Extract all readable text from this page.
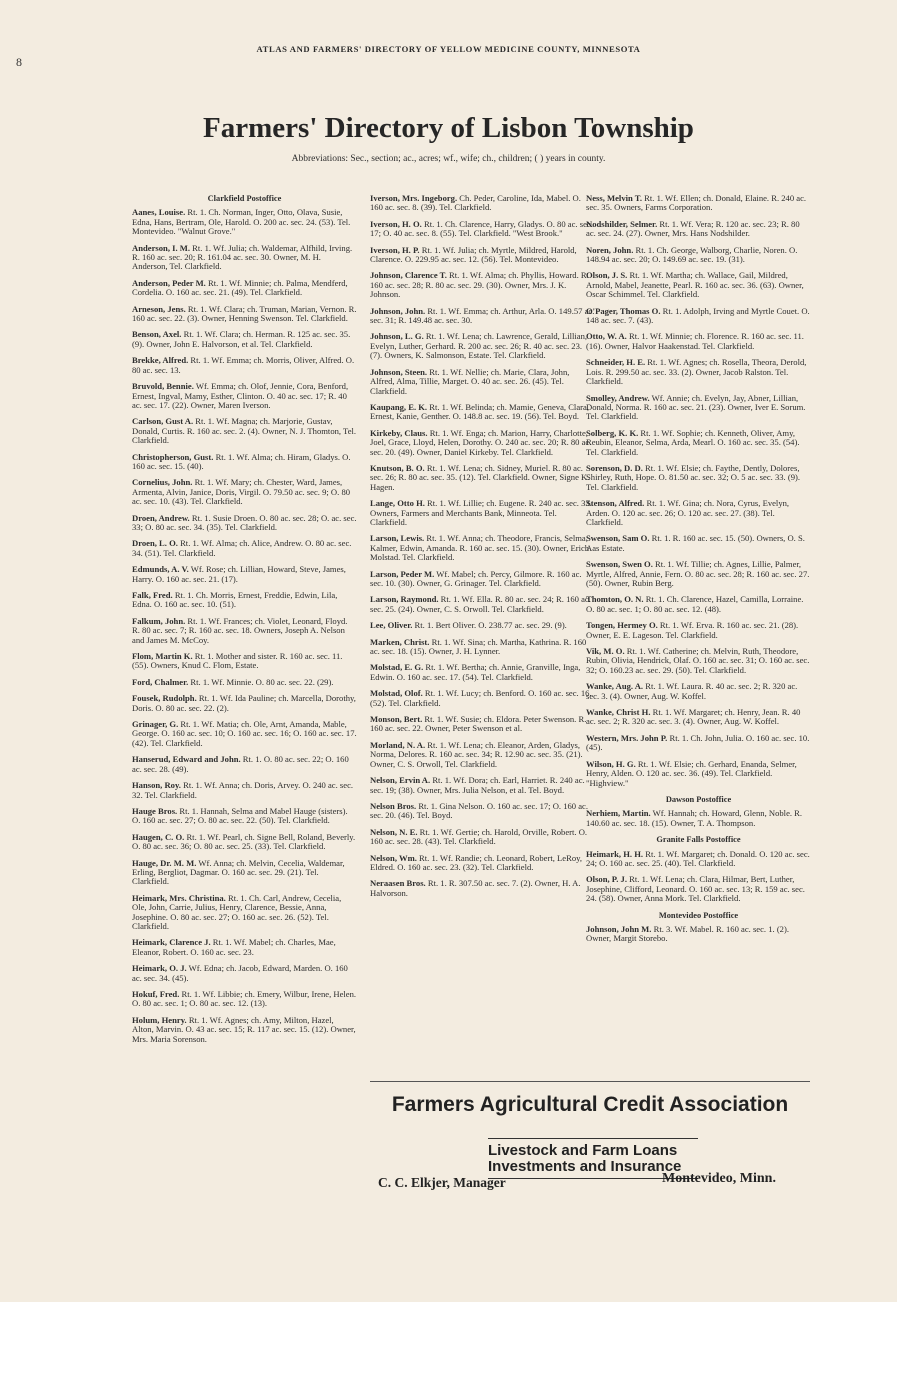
8
ATLAS AND FARMERS' DIRECTORY OF YELLOW MEDICINE COUNTY, MINNESOTA
Farmers' Directory of Lisbon Township
Abbreviations: Sec., section; ac., acres; wf., wife; ch., children; ( ) years in county.
Clarkfield Postoffice
Aanes, Louise. Rt. 1. Ch. Norman, Inger, Otto, Olava, Susie, Edna, Hans, Bertram, Ole, Harold. O. 200 ac. sec. 24. (53). Tel. Montevideo. "Walnut Grove."
Anderson, I. M. Rt. 1. Wf. Julia; ch. Waldemar, Alfhild, Irving. R. 160 ac. sec. 20; R. 161.04 ac. sec. 30. Owner, M. H. Anderson, Tel. Clarkfield.
Anderson, Peder M. Rt. 1. Wf. Minnie; ch. Palma, Mendferd, Cordelia. O. 160 ac. sec. 21. (49). Tel. Clarkfield.
Arneson, Jens. Rt. 1. Wf. Clara; ch. Truman, Marian, Vernon. R. 160 ac. sec. 22. (3). Owner, Henning Swenson. Tel. Clarkfield.
Benson, Axel. Rt. 1. Wf. Clara; ch. Herman. R. 125 ac. sec. 35. (9). Owner, John E. Halvorson, et al. Tel. Clarkfield.
Brekke, Alfred. Rt. 1. Wf. Emma; ch. Morris, Oliver, Alfred. O. 80 ac. sec. 13.
Bruvold, Bennie. Wf. Emma; ch. Olof, Jennie, Cora, Benford, Ernest, Ingval, Mamy, Esther, Clinton. O. 40 ac. sec. 17; R. 40 ac. sec. 17. (22). Owner, Maren Iverson.
Carlson, Gust A. Rt. 1. Wf. Magna; ch. Marjorie, Gustav, Donald, Curtis. R. 160 ac. sec. 2. (4). Owner, N. J. Thomton, Tel. Clarkfield.
Christopherson, Gust. Rt. 1. Wf. Alma; ch. Hiram, Gladys. O. 160 ac. sec. 15. (40).
Cornelius, John. Rt. 1. Wf. Mary; ch. Chester, Ward, James, Armenta, Alvin, Janice, Doris, Virgil. O. 79.50 ac. sec. 9; O. 80 ac. sec. 10. (43). Tel. Clarkfield.
Droen, Andrew. Rt. 1. Susie Droen. O. 80 ac. sec. 28; O. ac. sec. 33; O. 80 ac. sec. 34. (35). Tel. Clarkfield.
Droen, L. O. Rt. 1. Wf. Alma; ch. Alice, Andrew. O. 80 ac. sec. 34. (51). Tel. Clarkfield.
Edmunds, A. V. Wf. Rose; ch. Lillian, Howard, Steve, James, Harry. O. 160 ac. sec. 21. (17).
Falk, Fred. Rt. 1. Ch. Morris, Ernest, Freddie, Edwin, Lila, Edna. O. 160 ac. sec. 10. (51).
Falkum, John. Rt. 1. Wf. Frances; ch. Violet, Leonard, Floyd. R. 80 ac. sec. 7; R. 160 ac. sec. 18. Owners, Joseph A. Nelson and James M. McCoy.
Flom, Martin K. Rt. 1. Mother and sister. R. 160 ac. sec. 11. (55). Owners, Knud C. Flom, Estate.
Ford, Chalmer. Rt. 1. Wf. Minnie. O. 80 ac. sec. 22. (29).
Fousek, Rudolph. Rt. 1. Wf. Ida Pauline; ch. Marcella, Dorothy, Doris. O. 80 ac. sec. 22. (2).
Grinager, G. Rt. 1. Wf. Matia; ch. Ole, Arnt, Amanda, Mable, George. O. 160 ac. sec. 10; O. 160 ac. sec. 16; O. 160 ac. sec. 17. (42). Tel. Clarkfield.
Hanserud, Edward and John. Rt. 1. O. 80 ac. sec. 22; O. 160 ac. sec. 28. (49).
Hanson, Roy. Rt. 1. Wf. Anna; ch. Doris, Arvey. O. 240 ac. sec. 32. Tel. Clarkfield.
Hauge Bros. Rt. 1. Hannah, Selma and Mabel Hauge (sisters). O. 160 ac. sec. 27; O. 80 ac. sec. 22. (50). Tel. Clarkfield.
Haugen, C. O. Rt. 1. Wf. Pearl, ch. Signe Bell, Roland, Beverly. O. 80 ac. sec. 36; O. 80 ac. sec. 25. (33). Tel. Clarkfield.
Hauge, Dr. M. M. Wf. Anna; ch. Melvin, Cecelia, Waldemar, Erling, Bergliot, Dagmar. O. 160 ac. sec. 29. (21). Tel. Clarkfield.
Heimark, Mrs. Christina. Rt. 1. Ch. Carl, Andrew, Cecelia, Ole, John, Carrie, Julius, Henry, Clarence, Bessie, Anna, Josephine. O. 80 ac. sec. 27; O. 160 ac. sec. 26. (52). Tel. Clarkfield.
Heimark, Clarence J. Rt. 1. Wf. Mabel; ch. Charles, Mae, Eleanor, Robert. O. 160 ac. sec. 23.
Heimark, O. J. Wf. Edna; ch. Jacob, Edward, Marden. O. 160 ac. sec. 34. (45).
Hokuf, Fred. Rt. 1. Wf. Libbie; ch. Emery, Wilbur, Irene, Helen. O. 80 ac. sec. 1; O. 80 ac. sec. 12. (13).
Holum, Henry. Rt. 1. Wf. Agnes; ch. Amy, Milton, Hazel, Alton, Marvin. O. 43 ac. sec. 15; R. 117 ac. sec. 15. (12). Owner, Mrs. Maria Sorenson.
Iverson, Mrs. Ingeborg. Ch. Peder, Caroline, Ida, Mabel. O. 160 ac. sec. 8. (39). Tel. Clarkfield.
Iverson, H. O. Rt. 1. Ch. Clarence, Harry, Gladys. O. 80 ac. sec. 17; O. 40 ac. sec. 8. (55). Tel. Clarkfield. "West Brook."
Iverson, H. P. Rt. 1. Wf. Julia; ch. Myrtle, Mildred, Harold, Clarence. O. 229.95 ac. sec. 12. (56). Tel. Montevideo.
Johnson, Clarence T. Rt. 1. Wf. Alma; ch. Phyllis, Howard. R. 160 ac. sec. 28; R. 80 ac. sec. 29. (30). Owner, Mrs. J. K. Johnson.
Johnson, John. Rt. 1. Wf. Emma; ch. Arthur, Arla. O. 149.57 ac. sec. 31; R. 149.48 ac. sec. 30.
Johnson, L. G. Rt. 1. Wf. Lena; ch. Lawrence, Gerald, Lillian, Evelyn, Luther, Gerhard. R. 200 ac. sec. 26; R. 40 ac. sec. 23. (7). Owners, K. Salmonson, Estate. Tel. Clarkfield.
Johnson, Steen. Rt. 1. Wf. Nellie; ch. Marie, Clara, John, Alfred, Alma, Tillie, Marget. O. 40 ac. sec. 26. (45). Tel. Clarkfield.
Kaupang, E. K. Rt. 1. Wf. Belinda; ch. Mamie, Geneva, Clara, Ernest, Kanie, Genther. O. 148.8 ac. sec. 19. (56). Tel. Boyd.
Kirkeby, Claus. Rt. 1. Wf. Enga; ch. Marion, Harry, Charlotte, Joel, Grace, Lloyd, Helen, Dorothy. O. 240 ac. sec. 20; R. 80 ac. sec. 20. (49). Owner, Daniel Kirkeby. Tel. Clarkfield.
Knutson, B. O. Rt. 1. Wf. Lena; ch. Sidney, Muriel. R. 80 ac. sec. 26; R. 80 ac. sec. 35. (12). Tel. Clarkfield. Owner, Signe K. Hagen.
Lange, Otto H. Rt. 1. Wf. Lillie; ch. Eugene. R. 240 ac. sec. 33. Owners, Farmers and Merchants Bank, Minneota. Tel. Clarkfield.
Larson, Lewis. Rt. 1. Wf. Anna; ch. Theodore, Francis, Selma, Kalmer, Edwin, Amanda. R. 160 ac. sec. 15. (30). Owner, Erich Molstad. Tel. Clarkfield.
Larson, Peder M. Wf. Mabel; ch. Percy, Gilmore. R. 160 ac. sec. 10. (30). Owner, G. Grinager. Tel. Clarkfield.
Larson, Raymond. Rt. 1. Wf. Ella. R. 80 ac. sec. 24; R. 160 ac. sec. 25. (24). Owner, C. S. Orwoll. Tel. Clarkfield.
Lee, Oliver. Rt. 1. Bert Oliver. O. 238.77 ac. sec. 29. (9).
Marken, Christ. Rt. 1. Wf. Sina; ch. Martha, Kathrina. R. 160 ac. sec. 18. (15). Owner, J. H. Lynner.
Molstad, E. G. Rt. 1. Wf. Bertha; ch. Annie, Granville, Inga, Edwin. O. 160 ac. sec. 17. (54). Tel. Clarkfield.
Molstad, Olof. Rt. 1. Wf. Lucy; ch. Benford. O. 160 ac. sec. 16. (52). Tel. Clarkfield.
Monson, Bert. Rt. 1. Wf. Susie; ch. Eldora. Peter Swenson. R. 160 ac. sec. 22. Owner, Peter Swenson et al.
Morland, N. A. Rt. 1. Wf. Lena; ch. Eleanor, Arden, Gladys, Norma, Delores. R. 160 ac. sec. 34; R. 12.90 ac. sec. 35. (21). Owner, C. S. Orwoll, Tel. Clarkfield.
Nelson, Ervin A. Rt. 1. Wf. Dora; ch. Earl, Harriet. R. 240 ac. sec. 19; (38). Owner, Mrs. Julia Nelson, et al. Tel. Boyd.
Nelson Bros. Rt. 1. Gina Nelson. O. 160 ac. sec. 17; O. 160 ac. sec. 20. (46). Tel. Boyd.
Nelson, N. E. Rt. 1. Wf. Gertie; ch. Harold, Orville, Robert. O. 160 ac. sec. 28. (43). Tel. Clarkfield.
Nelson, Wm. Rt. 1. Wf. Randie; ch. Leonard, Robert, LeRoy, Eldred. O. 160 ac. sec. 23. (32). Tel. Clarkfield.
Neraasen Bros. Rt. 1. R. 307.50 ac. sec. 7. (2). Owner, H. A. Halvorson.
Ness, Melvin T. Rt. 1. Wf. Ellen; ch. Donald, Elaine. R. 240 ac. sec. 35. Owners, Farms Corporation.
Nodshilder, Selmer. Rt. 1. Wf. Vera; R. 120 ac. sec. 23; R. 80 ac. sec. 24. (27). Owner, Mrs. Hans Nodshilder.
Noren, John. Rt. 1. Ch. George, Walborg, Charlie, Noren. O. 148.94 ac. sec. 20; O. 149.69 ac. sec. 19. (31).
Olson, J. S. Rt. 1. Wf. Martha; ch. Wallace, Gail, Mildred, Arnold, Mabel, Jeanette, Pearl. R. 160 ac. sec. 36. (63). Owner, Oscar Schimmel. Tel. Clarkfield.
O'Pager, Thomas O. Rt. 1. Adolph, Irving and Myrtle Couet. O. 148 ac. sec. 7. (43).
Otto, W. A. Rt. 1. Wf. Minnie; ch. Florence. R. 160 ac. sec. 11. (16). Owner, Halvor Haakenstad. Tel. Clarkfield.
Schneider, H. E. Rt. 1. Wf. Agnes; ch. Rosella, Theora, Derold, Lois. R. 299.50 ac. sec. 33. (2). Owner, Jacob Ralston. Tel. Clarkfield.
Smolley, Andrew. Wf. Annie; ch. Evelyn, Jay, Abner, Lillian, Donald, Norma. R. 160 ac. sec. 21. (23). Owner, Iver E. Sorum. Tel. Clarkfield.
Solberg, K. K. Rt. 1. Wf. Sophie; ch. Kenneth, Oliver, Amy, Reubin, Eleanor, Selma, Arda, Mearl. O. 160 ac. sec. 35. (54). Tel. Clarkfield.
Sorenson, D. D. Rt. 1. Wf. Elsie; ch. Faythe, Dently, Dolores, Shirley, Ruth, Hope. O. 81.50 ac. sec. 32; O. 5 ac. sec. 33. (9). Tel. Clarkfield.
Stenson, Alfred. Rt. 1. Wf. Gina; ch. Nora, Cyrus, Evelyn, Arden. O. 120 ac. sec. 26; O. 120 ac. sec. 27. (38). Tel. Clarkfield.
Swenson, Sam O. Rt. 1. R. 160 ac. sec. 15. (50). Owners, O. S. Aas Estate.
Swenson, Swen O. Rt. 1. Wf. Tillie; ch. Agnes, Lillie, Palmer, Myrtle, Alfred, Annie, Fern. O. 80 ac. sec. 28; R. 160 ac. sec. 27. (50). Owner, Rubin Berg.
Thomton, O. N. Rt. 1. Ch. Clarence, Hazel, Camilla, Lorraine. O. 80 ac. sec. 1; O. 80 ac. sec. 12. (48).
Tongen, Hermey O. Rt. 1. Wf. Erva. R. 160 ac. sec. 21. (28). Owner, E. E. Lageson. Tel. Clarkfield.
Vik, M. O. Rt. 1. Wf. Catherine; ch. Melvin, Ruth, Theodore, Rubin, Olivia, Hendrick, Olaf. O. 160 ac. sec. 31; O. 160 ac. sec. 32; O. 160.23 ac. sec. 29. (50). Tel. Clarkfield.
Wanke, Aug. A. Rt. 1. Wf. Laura. R. 40 ac. sec. 2; R. 320 ac. sec. 3. (4). Owner, Aug. W. Koffel.
Wanke, Christ H. Rt. 1. Wf. Margaret; ch. Henry, Jean. R. 40 ac. sec. 2; R. 320 ac. sec. 3. (4). Owner, Aug. W. Koffel.
Western, Mrs. John P. Rt. 1. Ch. John, Julia. O. 160 ac. sec. 10. (45).
Wilson, H. G. Rt. 1. Wf. Elsie; ch. Gerhard, Enanda, Selmer, Henry, Alden. O. 120 ac. sec. 36. (49). Tel. Clarkfield. "Highview."
Dawson Postoffice
Nerhiem, Martin. Wf. Hannah; ch. Howard, Glenn, Noble. R. 140.60 ac. sec. 18. (15). Owner, T. A. Thompson.
Granite Falls Postoffice
Heimark, H. H. Rt. 1. Wf. Margaret; ch. Donald. O. 120 ac. sec. 24; O. 160 ac. sec. 25. (40). Tel. Clarkfield.
Olson, P. J. Rt. 1. Wf. Lena; ch. Clara, Hilmar, Bert, Luther, Josephine, Clifford, Leonard. O. 160 ac. sec. 13; R. 159 ac. sec. 24. (58). Owner, Anna Mork. Tel. Clarkfield.
Montevideo Postoffice
Johnson, John M. Rt. 3. Wf. Mabel. R. 160 ac. sec. 1. (2). Owner, Margit Storebo.
Farmers Agricultural Credit Association
Livestock and Farm Loans
Investments and Insurance
C. C. Elkjer, Manager	Montevideo, Minn.
